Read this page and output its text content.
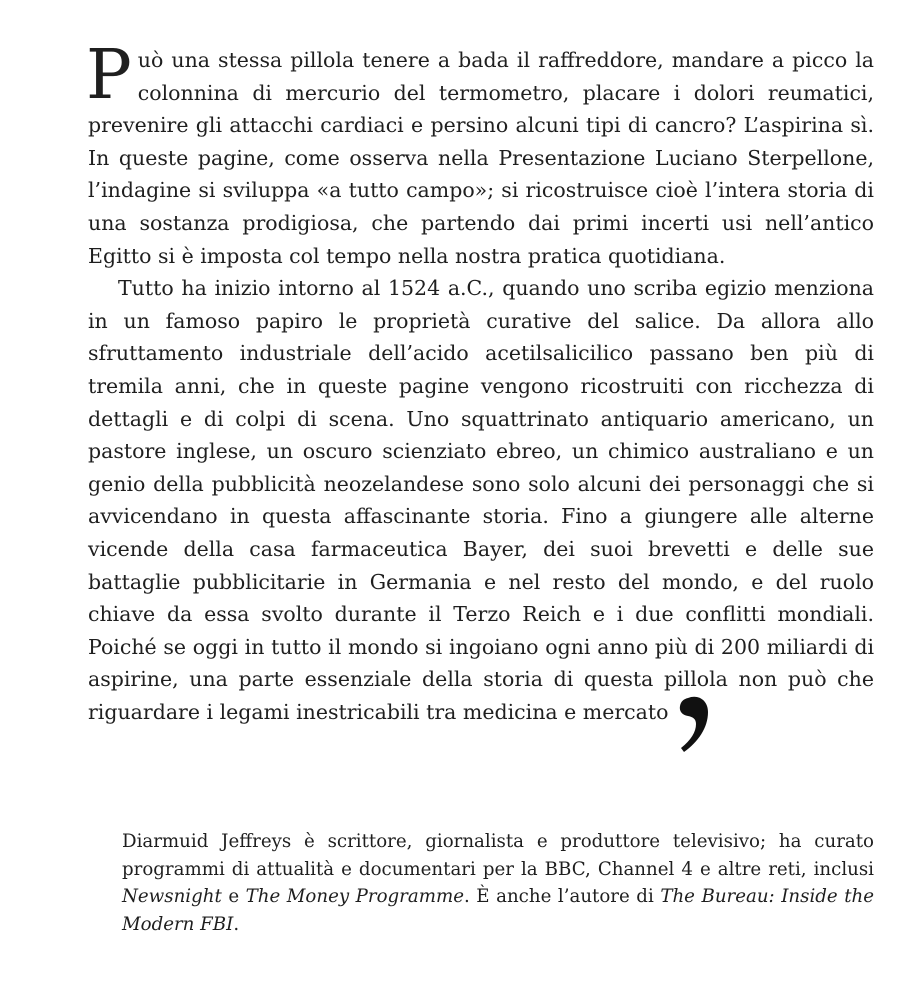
Può una stessa pillola tenere a bada il raffreddore, mandare a picco la colonnina di mercurio del termometro, placare i dolori reumatici, prevenire gli attacchi cardiaci e persino alcuni tipi di cancro? L’aspirina sì. In queste pagine, come osserva nella Presentazione Luciano Sterpellone, l’indagine si sviluppa «a tutto campo»; si ricostruisce cioè l’intera storia di una sostanza prodigiosa, che partendo dai primi incerti usi nell’antico Egitto si è imposta col tempo nella nostra pratica quotidiana.

Tutto ha inizio intorno al 1524 a.C., quando uno scriba egizio menziona in un famoso papiro le proprietà curative del salice. Da allora allo sfruttamento industriale dell’acido acetilsalicilico passano ben più di tremila anni, che in queste pagine vengono ricostruiti con ricchezza di dettagli e di colpi di scena. Uno squattrinato antiquario americano, un pastore inglese, un oscuro scienziato ebreo, un chimico australiano e un genio della pubblicità neozelandese sono solo alcuni dei personaggi che si avvicendano in questa affascinante storia. Fino a giungere alle alterne vicende della casa farmaceutica Bayer, dei suoi brevetti e delle sue battaglie pubblicitarie in Germania e nel resto del mondo, e del ruolo chiave da essa svolto durante il Terzo Reich e i due conflitti mondiali. Poiché se oggi in tutto il mondo si ingoiano ogni anno più di 200 miliardi di aspirine, una parte essenziale della storia di questa pillola non può che riguardare i legami inestricabili tra medicina e mercato

Diarmuid Jeffreys è scrittore, giornalista e produttore televisivo; ha curato programmi di attualità e documentari per la BBC, Channel 4 e altre reti, inclusi Newsnight e The Money Programme. È anche l’autore di The Bureau: Inside the Modern FBI.
